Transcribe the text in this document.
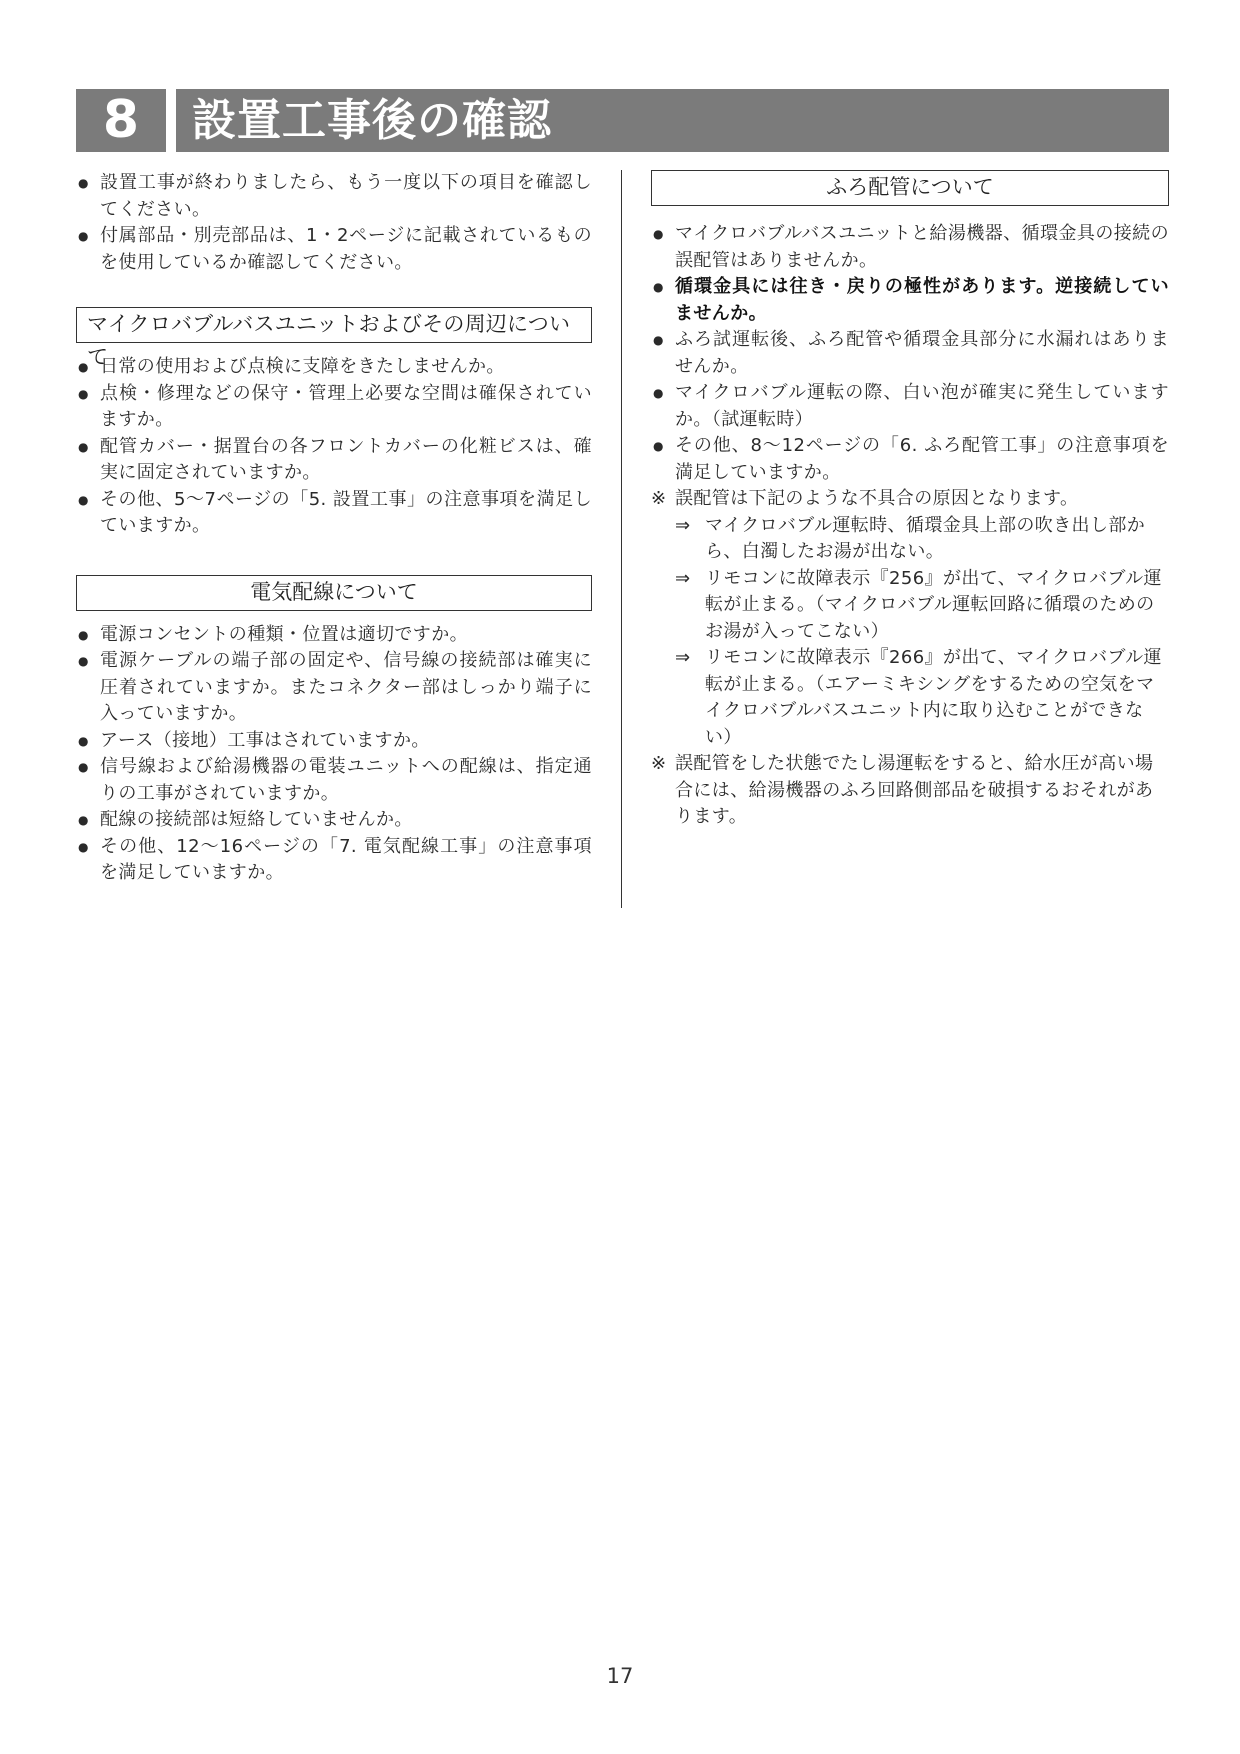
8	設置工事後の確認
● 設置工事が終わりましたら、もう一度以下の項目を確認してください。
● 付属部品・別売部品は、1・2ページに記載されているものを使用しているか確認してください。
マイクロバブルバスユニットおよびその周辺について
● 日常の使用および点検に支障をきたしませんか。
● 点検・修理などの保守・管理上必要な空間は確保されていますか。
● 配管カバー・据置台の各フロントカバーの化粧ビスは、確実に固定されていますか。
● その他、5～7ページの「5. 設置工事」の注意事項を満足していますか。
電気配線について
● 電源コンセントの種類・位置は適切ですか。
● 電源ケーブルの端子部の固定や、信号線の接続部は確実に圧着されていますか。またコネクター部はしっかり端子に入っていますか。
● アース（接地）工事はされていますか。
● 信号線および給湯機器の電装ユニットへの配線は、指定通りの工事がされていますか。
● 配線の接続部は短絡していませんか。
● その他、12～16ページの「7. 電気配線工事」の注意事項を満足していますか。
ふろ配管について
● マイクロバブルバスユニットと給湯機器、循環金具の接続の誤配管はありませんか。
● 循環金具には往き・戻りの極性があります。逆接続していませんか。
● ふろ試運転後、ふろ配管や循環金具部分に水漏れはありませんか。
● マイクロバブル運転の際、白い泡が確実に発生していますか。（試運転時）
● その他、8～12ページの「6. ふろ配管工事」の注意事項を満足していますか。
※ 誤配管は下記のような不具合の原因となります。
⇒ マイクロバブル運転時、循環金具上部の吹き出し部から、白濁したお湯が出ない。
⇒ リモコンに故障表示『256』が出て、マイクロバブル運転が止まる。（マイクロバブル運転回路に循環のためのお湯が入ってこない）
⇒ リモコンに故障表示『266』が出て、マイクロバブル運転が止まる。（エアーミキシングをするための空気をマイクロバブルバスユニット内に取り込むことができない）
※ 誤配管をした状態でたし湯運転をすると、給水圧が高い場合には、給湯機器のふろ回路側部品を破損するおそれがあります。
17
